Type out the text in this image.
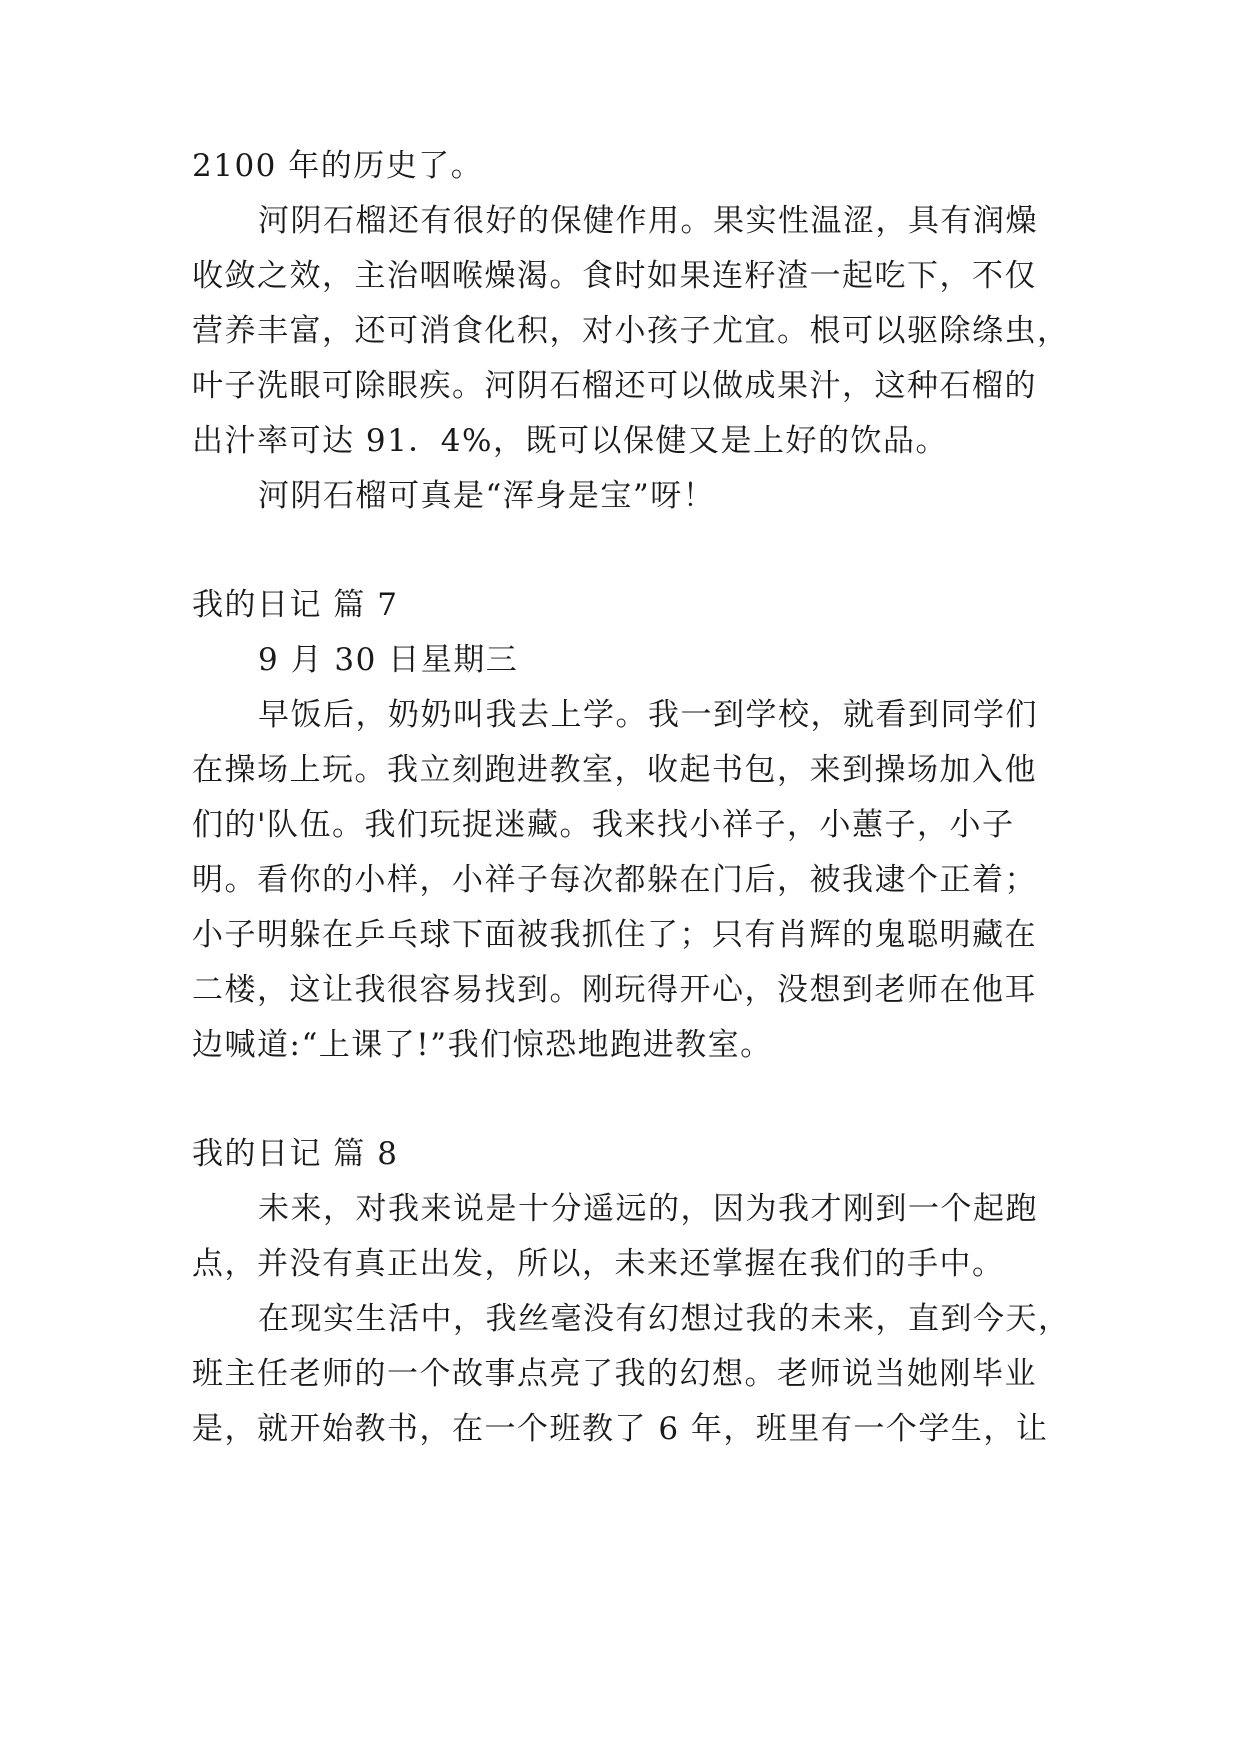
2100 年的历史了。
河阴石榴还有很好的保健作用。果实性温涩，具有润燥
收敛之效，主治咽喉燥渴。食时如果连籽渣一起吃下，不仅
营养丰富，还可消食化积，对小孩子尤宜。根可以驱除绦虫，
叶子洗眼可除眼疾。河阴石榴还可以做成果汁，这种石榴的
出汁率可达 91．4%，既可以保健又是上好的饮品。
河阴石榴可真是“浑身是宝”呀！
我的日记 篇 7
9 月 30 日星期三
早饭后，奶奶叫我去上学。我一到学校，就看到同学们
在操场上玩。我立刻跑进教室，收起书包，来到操场加入他
们的'队伍。我们玩捉迷藏。我来找小祥子，小蕙子，小子
明。看你的小样，小祥子每次都躲在门后，被我逮个正着；
小子明躲在乒乓球下面被我抓住了；只有肖辉的鬼聪明藏在
二楼，这让我很容易找到。刚玩得开心，没想到老师在他耳
边喊道:“上课了!”我们惊恐地跑进教室。
我的日记 篇 8
未来，对我来说是十分遥远的，因为我才刚到一个起跑
点，并没有真正出发，所以，未来还掌握在我们的手中。
在现实生活中，我丝毫没有幻想过我的未来，直到今天，
班主任老师的一个故事点亮了我的幻想。老师说当她刚毕业
是，就开始教书，在一个班教了 6 年，班里有一个学生，让
